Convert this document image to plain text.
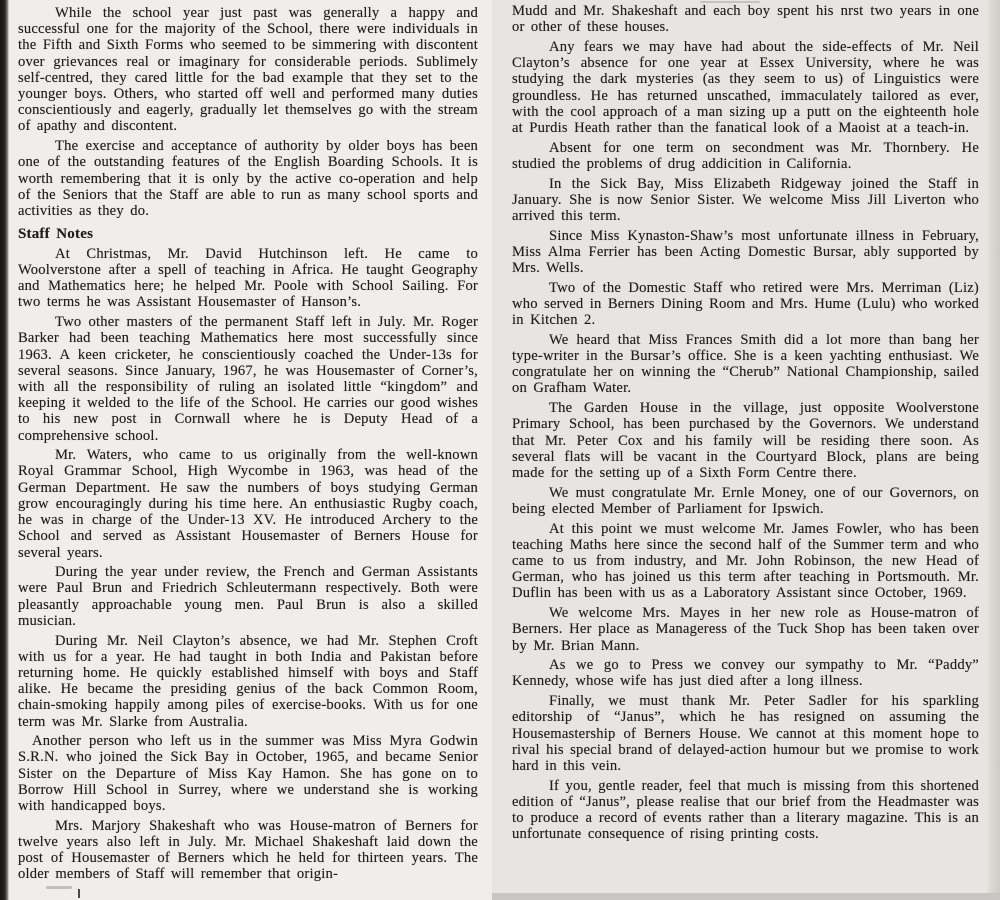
While the school year just past was generally a happy and successful one for the majority of the School, there were individuals in the Fifth and Sixth Forms who seemed to be simmering with discontent over grievances real or imaginary for considerable periods. Sublimely self-centred, they cared little for the bad example that they set to the younger boys. Others, who started off well and performed many duties conscientiously and eagerly, gradually let themselves go with the stream of apathy and discontent.

The exercise and acceptance of authority by older boys has been one of the outstanding features of the English Boarding Schools. It is worth remembering that it is only by the active co-operation and help of the Seniors that the Staff are able to run as many school sports and activities as they do.

Staff Notes

At Christmas, Mr. David Hutchinson left. He came to Woolverstone after a spell of teaching in Africa. He taught Geography and Mathematics here; he helped Mr. Poole with School Sailing. For two terms he was Assistant Housemaster of Hanson’s.

Two other masters of the permanent Staff left in July. Mr. Roger Barker had been teaching Mathematics here most successfully since 1963. A keen cricketer, he conscientiously coached the Under-13s for several seasons. Since January, 1967, he was Housemaster of Corner’s, with all the responsibility of ruling an isolated little “kingdom” and keeping it welded to the life of the School. He carries our good wishes to his new post in Cornwall where he is Deputy Head of a comprehensive school.

Mr. Waters, who came to us originally from the well-known Royal Grammar School, High Wycombe in 1963, was head of the German Department. He saw the numbers of boys studying German grow encouragingly during his time here. An enthusiastic Rugby coach, he was in charge of the Under-13 XV. He introduced Archery to the School and served as Assistant Housemaster of Berners House for several years.

During the year under review, the French and German Assistants were Paul Brun and Friedrich Schleutermann respectively. Both were pleasantly approachable young men. Paul Brun is also a skilled musician.

During Mr. Neil Clayton’s absence, we had Mr. Stephen Croft with us for a year. He had taught in both India and Pakistan before returning home. He quickly established himself with boys and Staff alike. He became the presiding genius of the back Common Room, chain-smoking happily among piles of exercise-books. With us for one term was Mr. Slarke from Australia.

Another person who left us in the summer was Miss Myra Godwin S.R.N. who joined the Sick Bay in October, 1965, and became Senior Sister on the Departure of Miss Kay Hamon. She has gone on to Borrow Hill School in Surrey, where we understand she is working with handicapped boys.

Mrs. Marjory Shakeshaft who was House-matron of Berners for twelve years also left in July. Mr. Michael Shakeshaft laid down the post of Housemaster of Berners which he held for thirteen years. The older members of Staff will remember that origin-

Mudd and Mr. Shakeshaft and each boy spent his nrst two years in one or other of these houses.

Any fears we may have had about the side-effects of Mr. Neil Clayton’s absence for one year at Essex University, where he was studying the dark mysteries (as they seem to us) of Linguistics were groundless. He has returned unscathed, immaculately tailored as ever, with the cool approach of a man sizing up a putt on the eighteenth hole at Purdis Heath rather than the fanatical look of a Maoist at a teach-in.

Absent for one term on secondment was Mr. Thornbery. He studied the problems of drug addicition in California.

In the Sick Bay, Miss Elizabeth Ridgeway joined the Staff in January. She is now Senior Sister. We welcome Miss Jill Liverton who arrived this term.

Since Miss Kynaston-Shaw’s most unfortunate illness in February, Miss Alma Ferrier has been Acting Domestic Bursar, ably supported by Mrs. Wells.

Two of the Domestic Staff who retired were Mrs. Merriman (Liz) who served in Berners Dining Room and Mrs. Hume (Lulu) who worked in Kitchen 2.

We heard that Miss Frances Smith did a lot more than bang her type-writer in the Bursar’s office. She is a keen yachting enthusiast. We congratulate her on winning the “Cherub” National Championship, sailed on Grafham Water.

The Garden House in the village, just opposite Woolverstone Primary School, has been purchased by the Governors. We understand that Mr. Peter Cox and his family will be residing there soon. As several flats will be vacant in the Courtyard Block, plans are being made for the setting up of a Sixth Form Centre there.

We must congratulate Mr. Ernle Money, one of our Governors, on being elected Member of Parliament for Ipswich.

At this point we must welcome Mr. James Fowler, who has been teaching Maths here since the second half of the Summer term and who came to us from industry, and Mr. John Robinson, the new Head of German, who has joined us this term after teaching in Portsmouth. Mr. Duflin has been with us as a Laboratory Assistant since October, 1969.

We welcome Mrs. Mayes in her new role as House-matron of Berners. Her place as Manageress of the Tuck Shop has been taken over by Mr. Brian Mann.

As we go to Press we convey our sympathy to Mr. “Paddy” Kennedy, whose wife has just died after a long illness.

Finally, we must thank Mr. Peter Sadler for his sparkling editorship of “Janus”, which he has resigned on assuming the Housemastership of Berners House. We cannot at this moment hope to rival his special brand of delayed-action humour but we promise to work hard in this vein.

If you, gentle reader, feel that much is missing from this shortened edition of “Janus”, please realise that our brief from the Headmaster was to produce a record of events rather than a literary magazine. This is an unfortunate consequence of rising printing costs.
